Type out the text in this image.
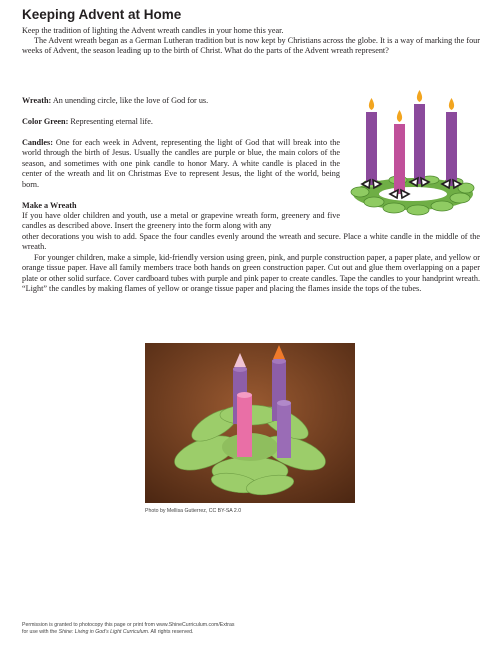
Keeping Advent at Home

Keep the tradition of lighting the Advent wreath candles in your home this year.

The Advent wreath began as a German Lutheran tradition but is now kept by Christians across the globe. It is a way of marking the four weeks of Advent, the season leading up to the birth of Christ. What do the parts of the Advent wreath represent?

Wreath: An unending circle, like the love of God for us.

Color Green: Representing eternal life.

Candles: One for each week in Advent, representing the light of God that will break into the world through the birth of Jesus. Usually the candles are purple or blue, the main colors of the season, and sometimes with one pink candle to honor Mary. A white candle is placed in the center of the wreath and lit on Christmas Eve to represent Jesus, the light of the world, being born.

Make a Wreath

If you have older children and youth, use a metal or grapevine wreath form, greenery and five candles as described above. Insert the greenery into the form along with any

other decorations you wish to add. Space the four candles evenly around the wreath and secure. Place a white candle in the middle of the wreath.

For younger children, make a simple, kid-friendly version using green, pink, and purple construction paper, a paper plate, and yellow or orange tissue paper. Have all family members trace both hands on green construction paper. Cut out and glue them overlapping on a paper plate or other solid surface. Cover cardboard tubes with purple and pink paper to create candles. Tape the candles to your handprint wreath. “Light” the candles by making flames of yellow or orange tissue paper and placing the flames inside the tops of the tubes.

Photo by Mellisa Gutierrez, CC BY-SA 2.0
Permission is granted to photocopy this page or print from www.ShineCurriculum.com/Extras
for use with the Shine: Living in God’s Light Curriculum. All rights reserved.
